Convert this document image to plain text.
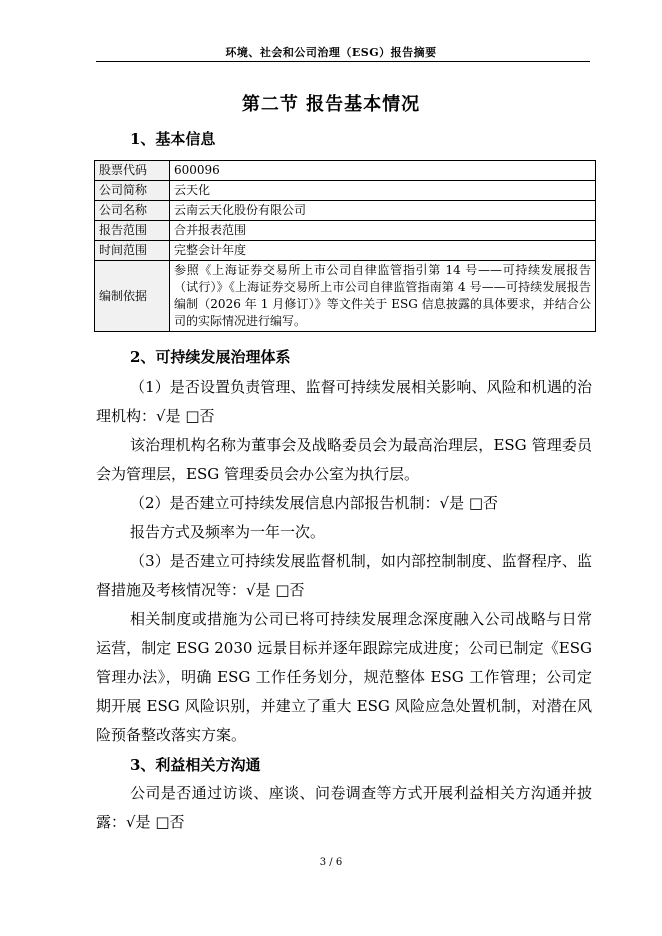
环境、社会和公司治理（ESG）报告摘要
第二节 报告基本情况
1、基本信息
股票代码	600096
公司简称	云天化
公司名称	云南云天化股份有限公司
报告范围	合并报表范围
时间范围	完整会计年度
编制依据	参照《上海证券交易所上市公司自律监管指引第 14 号——可持续发展报告（试行）》《上海证券交易所上市公司自律监管指南第 4 号——可持续发展报告编制（2026 年 1 月修订）》等文件关于 ESG 信息披露的具体要求，并结合公司的实际情况进行编写。
2、可持续发展治理体系

（1）是否设置负责管理、监督可持续发展相关影响、风险和机遇的治理机构：√是 □否

该治理机构名称为董事会及战略委员会为最高治理层，ESG 管理委员会为管理层，ESG 管理委员会办公室为执行层。

（2）是否建立可持续发展信息内部报告机制：√是 □否

报告方式及频率为一年一次。

（3）是否建立可持续发展监督机制，如内部控制制度、监督程序、监督措施及考核情况等：√是 □否

相关制度或措施为公司已将可持续发展理念深度融入公司战略与日常运营，制定 ESG 2030 远景目标并逐年跟踪完成进度；公司已制定《ESG 管理办法》，明确 ESG 工作任务划分，规范整体 ESG 工作管理；公司定期开展 ESG 风险识别，并建立了重大 ESG 风险应急处置机制，对潜在风险预备整改落实方案。

3、利益相关方沟通

公司是否通过访谈、座谈、问卷调查等方式开展利益相关方沟通并披露：√是 □否

3 / 6
